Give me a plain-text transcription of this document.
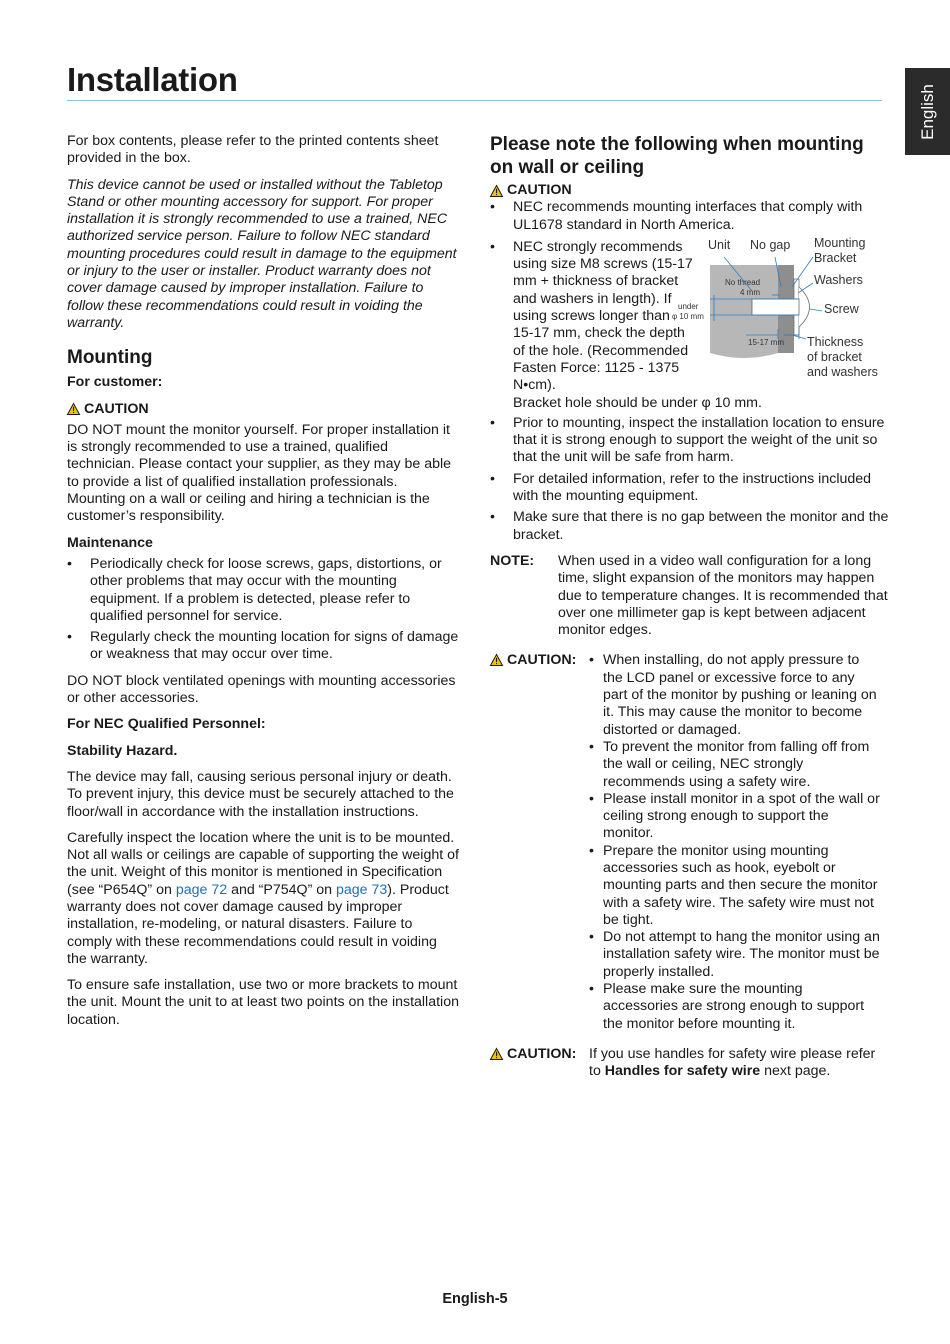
Installation
English

For box contents, please refer to the printed contents sheet provided in the box.

This device cannot be used or installed without the Tabletop Stand or other mounting accessory for support. For proper installation it is strongly recommended to use a trained, NEC authorized service person. Failure to follow NEC standard mounting procedures could result in damage to the equipment or injury to the user or installer. Product warranty does not cover damage caused by improper installation. Failure to follow these recommendations could result in voiding the warranty.

Mounting

For customer:

CAUTION

DO NOT mount the monitor yourself. For proper installation it is strongly recommended to use a trained, qualified technician. Please contact your supplier, as they may be able to provide a list of qualified installation professionals. Mounting on a wall or ceiling and hiring a technician is the customer’s responsibility.

Maintenance

• Periodically check for loose screws, gaps, distortions, or other problems that may occur with the mounting equipment. If a problem is detected, please refer to qualified personnel for service.
• Regularly check the mounting location for signs of damage or weakness that may occur over time.

DO NOT block ventilated openings with mounting accessories or other accessories.

For NEC Qualified Personnel:

Stability Hazard.

The device may fall, causing serious personal injury or death. To prevent injury, this device must be securely attached to the floor/wall in accordance with the installation instructions.

Carefully inspect the location where the unit is to be mounted. Not all walls or ceilings are capable of supporting the weight of the unit. Weight of this monitor is mentioned in Specification (see “P654Q” on page 72 and “P754Q” on page 73). Product warranty does not cover damage caused by improper installation, re-modeling, or natural disasters. Failure to comply with these recommendations could result in voiding the warranty.

To ensure safe installation, use two or more brackets to mount the unit. Mount the unit to at least two points on the installation location.

Please note the following when mounting on wall or ceiling
CAUTION
• NEC recommends mounting interfaces that comply with UL1678 standard in North America.
• NEC strongly recommends using size M8 screws (15-17 mm + thickness of bracket and washers in length). If using screws longer than 15-17 mm, check the depth of the hole. (Recommended Fasten Force: 1125 - 1375 N•cm).
Bracket hole should be under φ 10 mm.
Unit No gap Mounting
Bracket
Washers
Screw
No thread
4 mm
under
φ 10 mm
15-17 mm Thickness
of bracket
and washers
• Prior to mounting, inspect the installation location to ensure that it is strong enough to support the weight of the unit so that the unit will be safe from harm.
• For detailed information, refer to the instructions included with the mounting equipment.
• Make sure that there is no gap between the monitor and the bracket.
NOTE:	When used in a video wall configuration for a long time, slight expansion of the monitors may happen due to temperature changes. It is recommended that over one millimeter gap is kept between adjacent monitor edges.
CAUTION:
•	When installing, do not apply pressure to the LCD panel or excessive force to any part of the monitor by pushing or leaning on it. This may cause the monitor to become distorted or damaged.
• To prevent the monitor from falling off from the wall or ceiling, NEC strongly recommends using a safety wire.
• Please install monitor in a spot of the wall or ceiling strong enough to support the monitor.
• Prepare the monitor using mounting accessories such as hook, eyebolt or mounting parts and then secure the monitor with a safety wire. The safety wire must not be tight.
• Do not attempt to hang the monitor using an installation safety wire. The monitor must be properly installed.
• Please make sure the mounting accessories are strong enough to support the monitor before mounting it.
CAUTION: If you use handles for safety wire please refer to Handles for safety wire next page.
English-5
